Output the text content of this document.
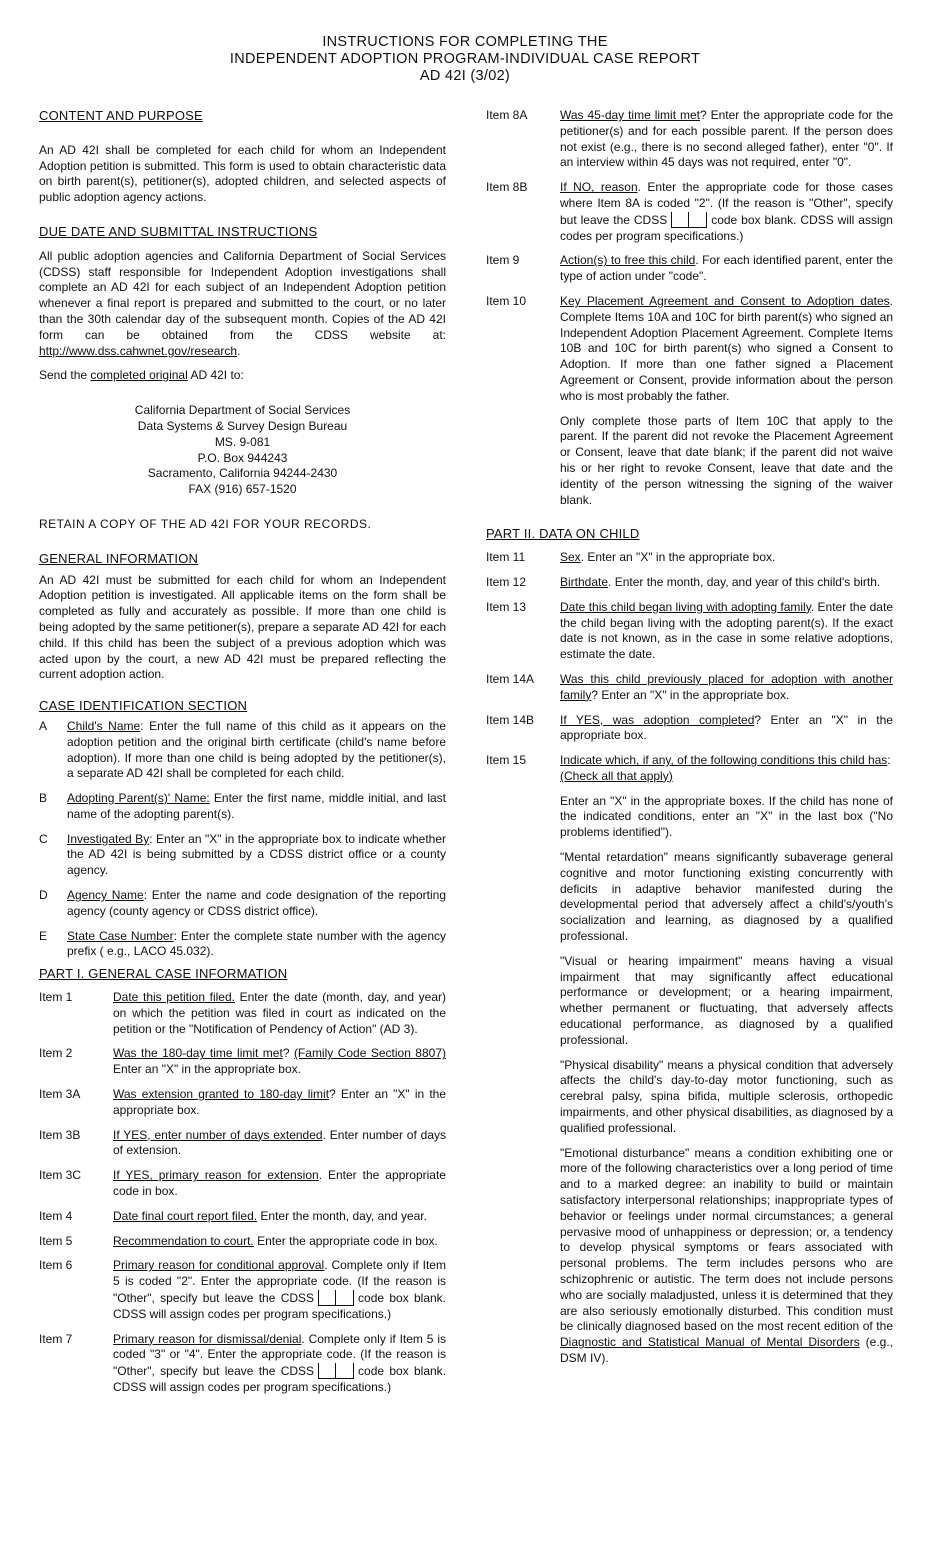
INSTRUCTIONS FOR COMPLETING THE
INDEPENDENT ADOPTION PROGRAM-INDIVIDUAL CASE REPORT
AD 42I (3/02)

CONTENT AND PURPOSE

An AD 42I shall be completed for each child for whom an Independent Adoption petition is submitted. This form is used to obtain characteristic data on birth parent(s), petitioner(s), adopted children, and selected aspects of public adoption agency actions.

DUE DATE AND SUBMITTAL INSTRUCTIONS

All public adoption agencies and California Department of Social Services (CDSS) staff responsible for Independent Adoption investigations shall complete an AD 42I for each subject of an Independent Adoption petition whenever a final report is prepared and submitted to the court, or no later than the 30th calendar day of the subsequent month. Copies of the AD 42I form can be obtained from the CDSS website at: http://www.dss.cahwnet.gov/research.

Send the completed original AD 42I to:

California Department of Social Services
Data Systems & Survey Design Bureau
MS. 9-081
P.O. Box 944243
Sacramento, California 94244-2430
FAX (916) 657-1520

RETAIN A COPY OF THE AD 42I FOR YOUR RECORDS.

GENERAL INFORMATION

An AD 42I must be submitted for each child for whom an Independent Adoption petition is investigated. All applicable items on the form shall be completed as fully and accurately as possible. If more than one child is being adopted by the same petitioner(s), prepare a separate AD 42I for each child. If this child has been the subject of a previous adoption which was acted upon by the court, a new AD 42I must be prepared reflecting the current adoption action.

CASE IDENTIFICATION SECTION

A	Child's Name: Enter the full name of this child as it appears on the adoption petition and the original birth certificate (child's name before adoption). If more than one child is being adopted by the petitioner(s), a separate AD 42I shall be completed for each child.
B	Adopting Parent(s)' Name: Enter the first name, middle initial, and last name of the adopting parent(s).
C	Investigated By: Enter an "X" in the appropriate box to indicate whether the AD 42I is being submitted by a CDSS district office or a county agency.
D	Agency Name: Enter the name and code designation of the reporting agency (county agency or CDSS district office).
E	State Case Number: Enter the complete state number with the agency prefix ( e.g., LACO 45.032).

PART I. GENERAL CASE INFORMATION

Item 1	Date this petition filed. Enter the date (month, day, and year) on which the petition was filed in court as indicated on the petition or the "Notification of Pendency of Action" (AD 3).
Item 2	Was the 180-day time limit met? (Family Code Section 8807) Enter an "X" in the appropriate box.
Item 3A	Was extension granted to 180-day limit? Enter an "X" in the appropriate box.
Item 3B	If YES, enter number of days extended. Enter number of days of extension.
Item 3C	If YES, primary reason for extension. Enter the appropriate code in box.
Item 4	Date final court report filed. Enter the month, day, and year.
Item 5	Recommendation to court. Enter the appropriate code in box.
Item 6	Primary reason for conditional approval. Complete only if Item 5 is coded "2". Enter the appropriate code. (If the reason is "Other", specify but leave the CDSS	code box blank. CDSS will assign codes per program specifications.)
Item 7	Primary reason for dismissal/denial. Complete only if Item 5 is coded "3" or "4". Enter the appropriate code. (If the reason is "Other", specify but leave the CDSS	code box blank. CDSS will assign codes per program specifications.)
Item 8A	Was 45-day time limit met? Enter the appropriate code for the petitioner(s) and for each possible parent. If the person does not exist (e.g., there is no second alleged father), enter "0". If an interview within 45 days was not required, enter "0".
Item 8B	If NO, reason. Enter the appropriate code for those cases where Item 8A is coded "2". (If the reason is "Other", specify but leave the CDSS	code box blank. CDSS will assign codes per program specifications.)
Item 9	Action(s) to free this child. For each identified parent, enter the type of action under "code".
Item 10	Key Placement Agreement and Consent to Adoption dates. Complete Items 10A and 10C for birth parent(s) who signed an Independent Adoption Placement Agreement. Complete Items 10B and 10C for birth parent(s) who signed a Consent to Adoption. If more than one father signed a Placement Agreement or Consent, provide information about the person who is most probably the father.

Only complete those parts of Item 10C that apply to the parent. If the parent did not revoke the Placement Agreement or Consent, leave that date blank; if the parent did not waive his or her right to revoke Consent, leave that date and the identity of the person witnessing the signing of the waiver blank.

PART II. DATA ON CHILD

Item 11	Sex. Enter an "X" in the appropriate box.
Item 12	Birthdate. Enter the month, day, and year of this child's birth.
Item 13	Date this child began living with adopting family. Enter the date the child began living with the adopting parent(s). If the exact date is not known, as in the case in some relative adoptions, estimate the date.
Item 14A	Was this child previously placed for adoption with another family? Enter an "X" in the appropriate box.
Item 14B	If YES, was adoption completed? Enter an "X" in the appropriate box.
Item 15	Indicate which, if any, of the following conditions this child has: (Check all that apply)

Enter an "X" in the appropriate boxes. If the child has none of the indicated conditions, enter an "X" in the last box ("No problems identified").

"Mental retardation" means significantly subaverage general cognitive and motor functioning existing concurrently with deficits in adaptive behavior manifested during the developmental period that adversely affect a child's/youth's socialization and learning, as diagnosed by a qualified professional.

"Visual or hearing impairment" means having a visual impairment that may significantly affect educational performance or development; or a hearing impairment, whether permanent or fluctuating, that adversely affects educational performance, as diagnosed by a qualified professional.

"Physical disability" means a physical condition that adversely affects the child's day-to-day motor functioning, such as cerebral palsy, spina bifida, multiple sclerosis, orthopedic impairments, and other physical disabilities, as diagnosed by a qualified professional.

"Emotional disturbance" means a condition exhibiting one or more of the following characteristics over a long period of time and to a marked degree: an inability to build or maintain satisfactory interpersonal relationships; inappropriate types of behavior or feelings under normal circumstances; a general pervasive mood of unhappiness or depression; or, a tendency to develop physical symptoms or fears associated with personal problems. The term includes persons who are schizophrenic or autistic. The term does not include persons who are socially maladjusted, unless it is determined that they are also seriously emotionally disturbed. This condition must be clinically diagnosed based on the most recent edition of the Diagnostic and Statistical Manual of Mental Disorders (e.g., DSM IV).
